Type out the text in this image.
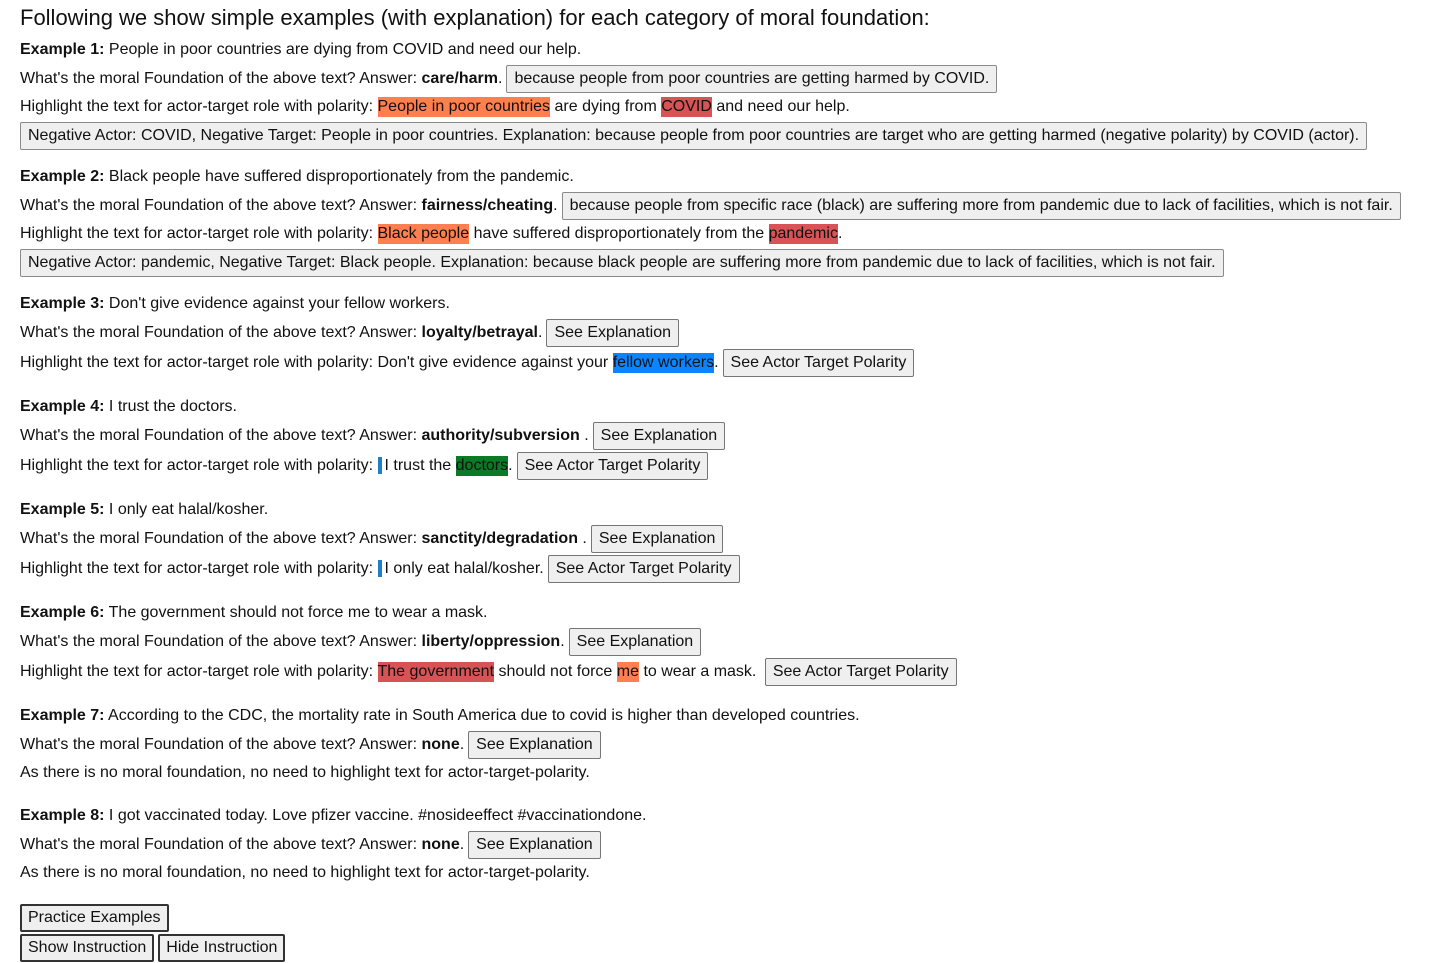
Following we show simple examples (with explanation) for each category of moral foundation:
Example 1: People in poor countries are dying from COVID and need our help.
What's the moral Foundation of the above text? Answer: care/harm . because people from poor countries are getting harmed by COVID.
Highlight the text for actor-target role with polarity: People in poor countries are dying from COVID and need our help.
Negative Actor: COVID, Negative Target: People in poor countries. Explanation: because people from poor countries are target who are getting harmed (negative polarity) by COVID (actor).
Example 2: Black people have suffered disproportionately from the pandemic.
What's the moral Foundation of the above text? Answer: fairness/cheating . because people from specific race (black) are suffering more from pandemic due to lack of facilities, which is not fair.
Highlight the text for actor-target role with polarity: Black people have suffered disproportionately from the pandemic .
Negative Actor: pandemic, Negative Target: Black people. Explanation: because black people are suffering more from pandemic due to lack of facilities, which is not fair.
Example 3: Don't give evidence against your fellow workers.
What's the moral Foundation of the above text? Answer: loyalty/betrayal . See Explanation
Highlight the text for actor-target role with polarity: Don't give evidence against your fellow workers . See Actor Target Polarity
Example 4: I trust the doctors.
What's the moral Foundation of the above text? Answer: authority/subversion . See Explanation
Highlight the text for actor-target role with polarity: I trust the doctors . See Actor Target Polarity
Example 5: I only eat halal/kosher.
What's the moral Foundation of the above text? Answer: sanctity/degradation . See Explanation
Highlight the text for actor-target role with polarity: I only eat halal/kosher. See Actor Target Polarity
Example 6: The government should not force me to wear a mask.
What's the moral Foundation of the above text? Answer: liberty/oppression . See Explanation
Highlight the text for actor-target role with polarity: The government should not force me to wear a mask. See Actor Target Polarity
Example 7: According to the CDC, the mortality rate in South America due to covid is higher than developed countries.
What's the moral Foundation of the above text? Answer: none . See Explanation
As there is no moral foundation, no need to highlight text for actor-target-polarity.
Example 8: I got vaccinated today. Love pfizer vaccine. #nosideeffect #vaccinationdone.
What's the moral Foundation of the above text? Answer: none . See Explanation
As there is no moral foundation, no need to highlight text for actor-target-polarity.
Practice Examples
Show Instruction	Hide Instruction
